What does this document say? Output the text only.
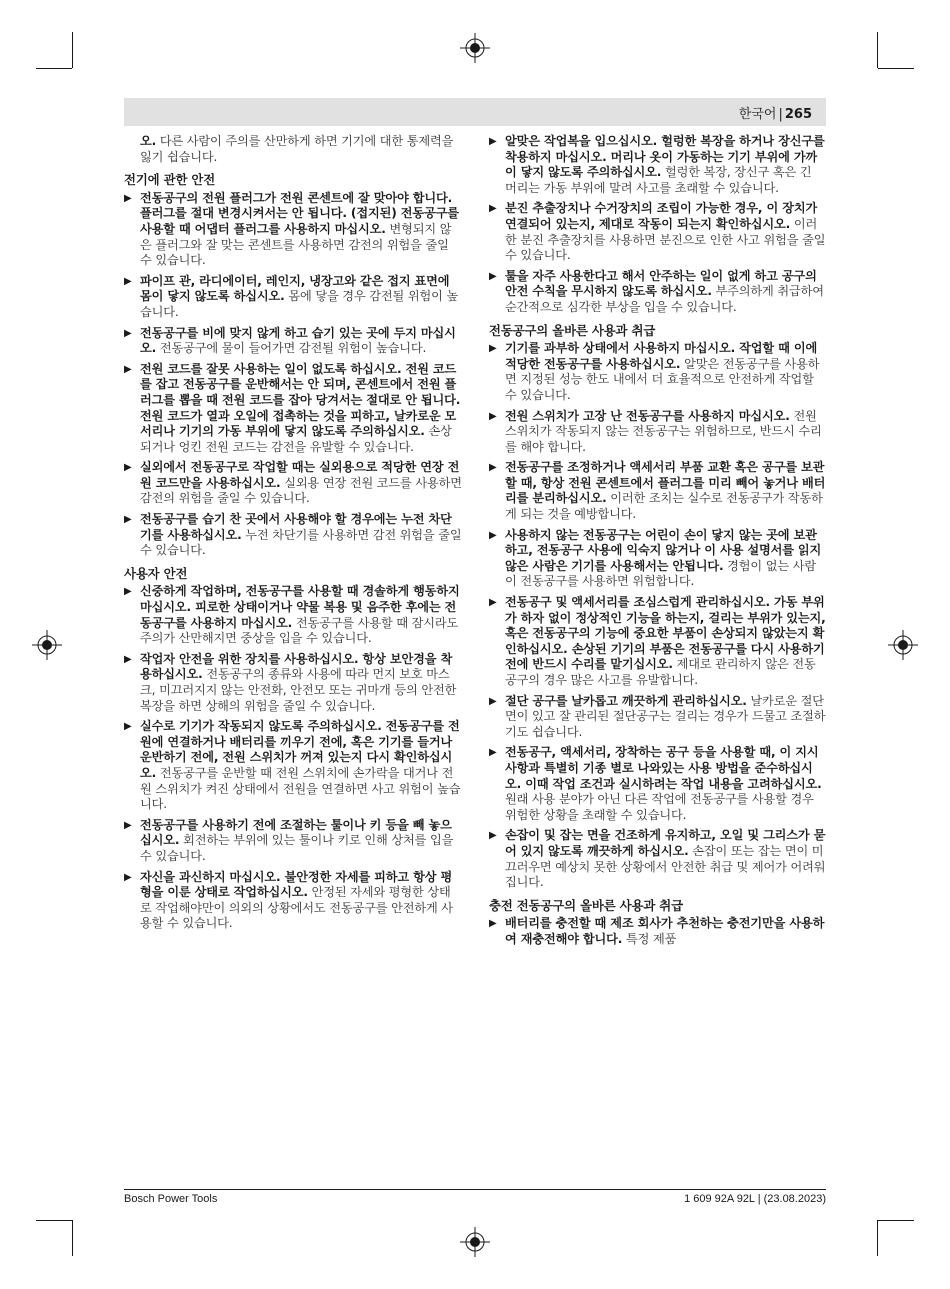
한국어 | 265
오. 다른 사람이 주의를 산만하게 하면 기기에 대한 통제력을 잃기 쉽습니다.
전기에 관한 안전
▶ 전동공구의 전원 플러그가 전원 콘센트에 잘 맞아야 합니다. 플러그를 절대 변경시켜서는 안 됩니다. (접지된) 전동공구를 사용할 때 어댑터 플러그를 사용하지 마십시오. 변형되지 않은 플러그와 잘 맞는 콘센트를 사용하면 감전의 위험을 줄일 수 있습니다.
▶ 파이프 관, 라디에이터, 레인지, 냉장고와 같은 접지 표면에 몸이 닿지 않도록 하십시오. 몸에 닿을 경우 감전될 위험이 높습니다.
▶ 전동공구를 비에 맞지 않게 하고 습기 있는 곳에 두지 마십시오. 전동공구에 물이 들어가면 감전될 위험이 높습니다.
▶ 전원 코드를 잘못 사용하는 일이 없도록 하십시오. 전원 코드를 잡고 전동공구를 운반해서는 안 되며, 콘센트에서 전원 플러그를 뽑을 때 전원 코드를 잡아 당겨서는 절대로 안 됩니다. 전원 코드가 열과 오일에 접촉하는 것을 피하고, 날카로운 모서리나 기기의 가동 부위에 닿지 않도록 주의하십시오. 손상되거나 엉킨 전원 코드는 감전을 유발할 수 있습니다.
▶ 실외에서 전동공구로 작업할 때는 실외용으로 적당한 연장 전원 코드만을 사용하십시오. 실외용 연장 전원 코드를 사용하면 감전의 위험을 줄일 수 있습니다.
▶ 전동공구를 습기 찬 곳에서 사용해야 할 경우에는 누전 차단기를 사용하십시오. 누전 차단기를 사용하면 감전 위험을 줄일 수 있습니다.
사용자 안전
▶ 신중하게 작업하며, 전동공구를 사용할 때 경솔하게 행동하지 마십시오. 피로한 상태이거나 약물 복용 및 음주한 후에는 전동공구를 사용하지 마십시오. 전동공구를 사용할 때 잠시라도 주의가 산만해지면 중상을 입을 수 있습니다.
▶ 작업자 안전을 위한 장치를 사용하십시오. 항상 보안경을 착용하십시오. 전동공구의 종류와 사용에 따라 먼지 보호 마스크, 미끄러지지 않는 안전화, 안전모 또는 귀마개 등의 안전한 복장을 하면 상해의 위험을 줄일 수 있습니다.
▶ 실수로 기기가 작동되지 않도록 주의하십시오. 전동공구를 전원에 연결하거나 배터리를 끼우기 전에, 혹은 기기를 들거나 운반하기 전에, 전원 스위치가 꺼져 있는지 다시 확인하십시오. 전동공구를 운반할 때 전원 스위치에 손가락을 대거나 전원 스위치가 켜진 상태에서 전원을 연결하면 사고 위험이 높습니다.
▶ 전동공구를 사용하기 전에 조절하는 툴이나 키 등을 빼 놓으십시오. 회전하는 부위에 있는 툴이나 키로 인해 상처를 입을 수 있습니다.
▶ 자신을 과신하지 마십시오. 불안정한 자세를 피하고 항상 평형을 이룬 상태로 작업하십시오. 안정된 자세와 평형한 상태로 작업해야만이 의외의 상황에서도 전동공구를 안전하게 사용할 수 있습니다.
▶ 알맞은 작업복을 입으십시오. 헐렁한 복장을 하거나 장신구를 착용하지 마십시오. 머리나 옷이 가동하는 기기 부위에 가까이 닿지 않도록 주의하십시오. 헐렁한 복장, 장신구 혹은 긴 머리는 가동 부위에 말려 사고를 초래할 수 있습니다.
▶ 분진 추출장치나 수거장치의 조립이 가능한 경우, 이 장치가 연결되어 있는지, 제대로 작동이 되는지 확인하십시오. 이러한 분진 추출장치를 사용하면 분진으로 인한 사고 위험을 줄일 수 있습니다.
▶ 툴을 자주 사용한다고 해서 안주하는 일이 없게 하고 공구의 안전 수칙을 무시하지 않도록 하십시오. 부주의하게 취급하여 순간적으로 심각한 부상을 입을 수 있습니다.
전동공구의 올바른 사용과 취급
▶ 기기를 과부하 상태에서 사용하지 마십시오. 작업할 때 이에 적당한 전동공구를 사용하십시오. 알맞은 전동공구를 사용하면 지정된 성능 한도 내에서 더 효율적으로 안전하게 작업할 수 있습니다.
▶ 전원 스위치가 고장 난 전동공구를 사용하지 마십시오. 전원 스위치가 작동되지 않는 전동공구는 위험하므로, 반드시 수리를 해야 합니다.
▶ 전동공구를 조정하거나 액세서리 부품 교환 혹은 공구를 보관할 때, 항상 전원 콘센트에서 플러그를 미리 빼어 놓거나 배터리를 분리하십시오. 이러한 조치는 실수로 전동공구가 작동하게 되는 것을 예방합니다.
▶ 사용하지 않는 전동공구는 어린이 손이 닿지 않는 곳에 보관하고, 전동공구 사용에 익숙지 않거나 이 사용 설명서를 읽지 않은 사람은 기기를 사용해서는 안됩니다. 경험이 없는 사람이 전동공구를 사용하면 위험합니다.
▶ 전동공구 및 액세서리를 조심스럽게 관리하십시오. 가동 부위가 하자 없이 정상적인 기능을 하는지, 걸리는 부위가 있는지, 혹은 전동공구의 기능에 중요한 부품이 손상되지 않았는지 확인하십시오. 손상된 기기의 부품은 전동공구를 다시 사용하기 전에 반드시 수리를 맡기십시오. 제대로 관리하지 않은 전동공구의 경우 많은 사고를 유발합니다.
▶ 절단 공구를 날카롭고 깨끗하게 관리하십시오. 날카로운 절단면이 있고 잘 관리된 절단공구는 걸리는 경우가 드물고 조절하기도 쉽습니다.
▶ 전동공구, 액세서리, 장착하는 공구 등을 사용할 때, 이 지시 사항과 특별히 기종 별로 나와있는 사용 방법을 준수하십시오. 이때 작업 조건과 실시하려는 작업 내용을 고려하십시오. 원래 사용 분야가 아닌 다른 작업에 전동공구를 사용할 경우 위험한 상황을 초래할 수 있습니다.
▶ 손잡이 및 잡는 면을 건조하게 유지하고, 오일 및 그리스가 묻어 있지 않도록 깨끗하게 하십시오. 손잡이 또는 잡는 면이 미끄러우면 예상치 못한 상황에서 안전한 취급 및 제어가 어려워집니다.
충전 전동공구의 올바른 사용과 취급
▶ 배터리를 충전할 때 제조 회사가 추천하는 충전기만을 사용하여 재충전해야 합니다. 특정 제품
Bosch Power Tools	1 609 92A 92L | (23.08.2023)
